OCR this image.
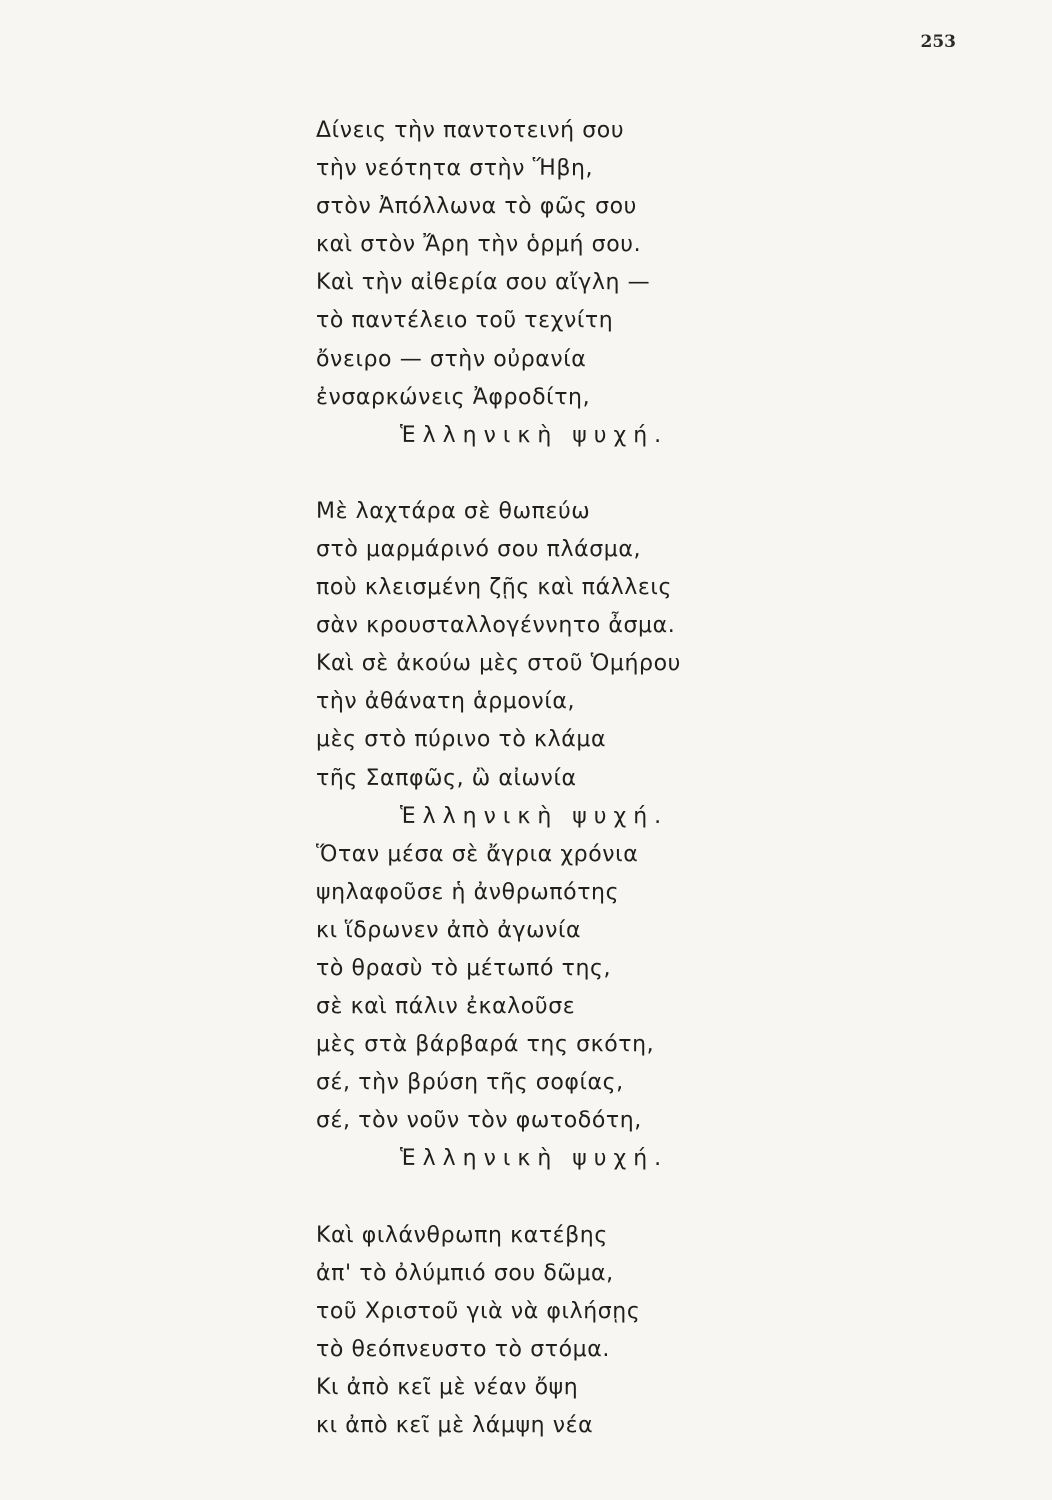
253
Δίνεις τὴν παντοτεινή σου
τὴν νεότητα στὴν Ἥβη,
στὸν Ἀπόλλωνα τὸ φῶς σου
καὶ στὸν Ἄρη τὴν ὁρμή σου.
Καὶ τὴν αἰθερία σου αἴγλη —
τὸ παντέλειο τοῦ τεχνίτη
ὄνειρο — στὴν οὐρανία
ἐνσαρκώνεις Ἀφροδίτη,
Ἑλληνικὴ ψυχή.
Μὲ λαχτάρα σὲ θωπεύω
στὸ μαρμάρινό σου πλάσμα,
ποὺ κλεισμένη ζῇς καὶ πάλλεις
σὰν κρουσταλλογέννητο ἆσμα.
Καὶ σὲ ἀκούω μὲς στοῦ Ὁμήρου
τὴν ἀθάνατη ἁρμονία,
μὲς στὸ πύρινο τὸ κλάμα
τῆς Σαπφῶς, ὢ αἰωνία
Ἑλληνικὴ ψυχή.
Ὅταν μέσα σὲ ἄγρια χρόνια
ψηλαφοῦσε ἡ ἀνθρωπότης
κι ἵδρωνεν ἀπὸ ἀγωνία
τὸ θρασὺ τὸ μέτωπό της,
σὲ καὶ πάλιν ἐκαλοῦσε
μὲς στὰ βάρβαρά της σκότη,
σέ, τὴν βρύση τῆς σοφίας,
σέ, τὸν νοῦν τὸν φωτοδότη,
Ἑλληνικὴ ψυχή.
Καὶ φιλάνθρωπη κατέβης
ἀπ' τὸ ὀλύμπιό σου δῶμα,
τοῦ Χριστοῦ γιὰ νὰ φιλήσῃς
τὸ θεόπνευστο τὸ στόμα.
Κι ἀπὸ κεῖ μὲ νέαν ὄψη
κι ἀπὸ κεῖ μὲ λάμψη νέα
